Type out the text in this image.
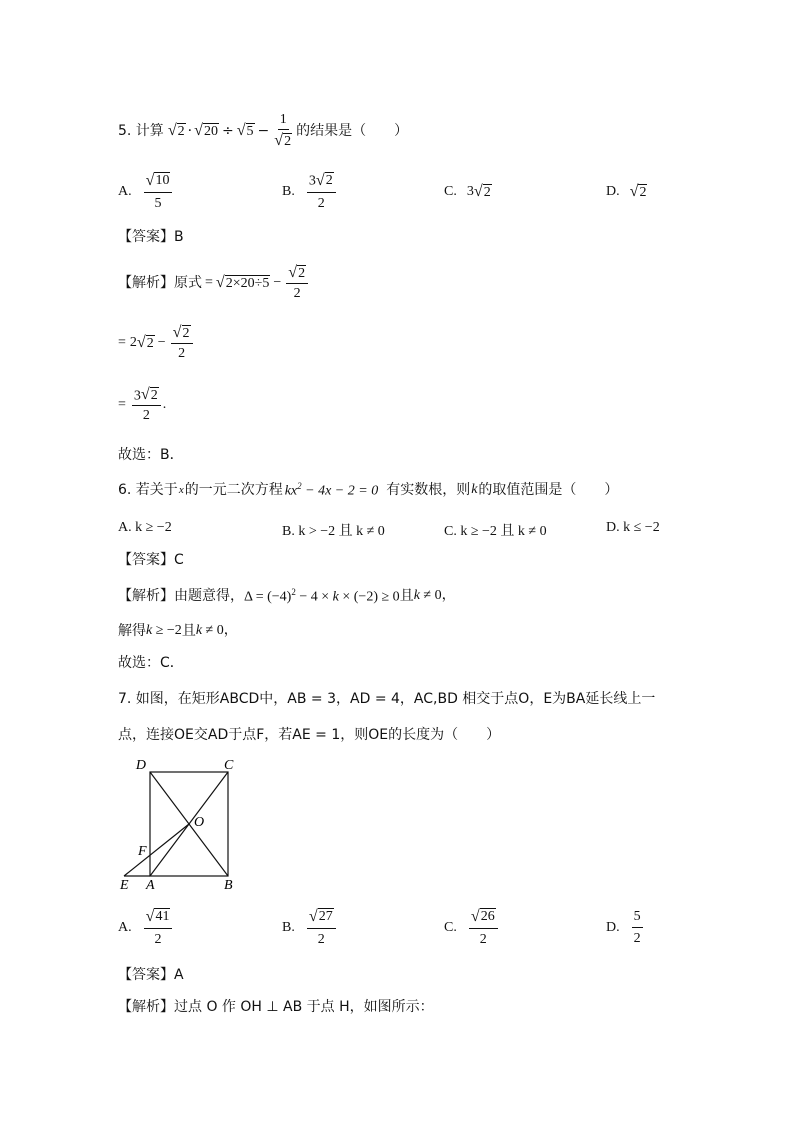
5. 计算 √ 2 · √ 20 ÷ √ $5 - \frac{1}{√ 2}$ 的结果是（　　）
A. $\frac{√ 10}{5}$	B. $\frac{3 √ 2}{2}$	C. 3 √ 2	D. √ 2
【答案】B
【解析】原式 = √ $2\times 20\div 5 - \frac{√ 2}{2}$
= 2 √ $2 - \frac{√ 2}{2}$
= $\frac{3 √ 2}{2}$ .
故选：B．
6. 若关于 x 的一元二次方程 $kx^2 - 4x - 2 = 0$ 有实数根，则 k 的取值范围是（　　）
A. k ≥ −2	B. k > −2 且 k ≠ 0	C. k ≥ −2 且 k ≠ 0	D. k ≤ −2
【答案】C
【解析】由题意得， $\Delta = (-4)^2 - 4 \times k \times (-2) \ge 0$ 且 k ≠ 0，
解得 k ≥ −2 且 k ≠ 0，
故选：C．
7. 如图，在矩形ABCD中，AB = 3，AD = 4，AC,BD 相交于点O，E为BA延长线上一
点，连接OE交AD于点F，若AE = 1，则OE的长度为（　　）
D	C
O
F
E A	B
A. $\frac{√ 41}{2}$	B. $\frac{√ 27}{2}$	C. $\frac{√ 26}{2}$	D. $\frac{5}{2}$
【答案】A
【解析】过点 O 作 OH ⊥ AB 于点 H，如图所示：
